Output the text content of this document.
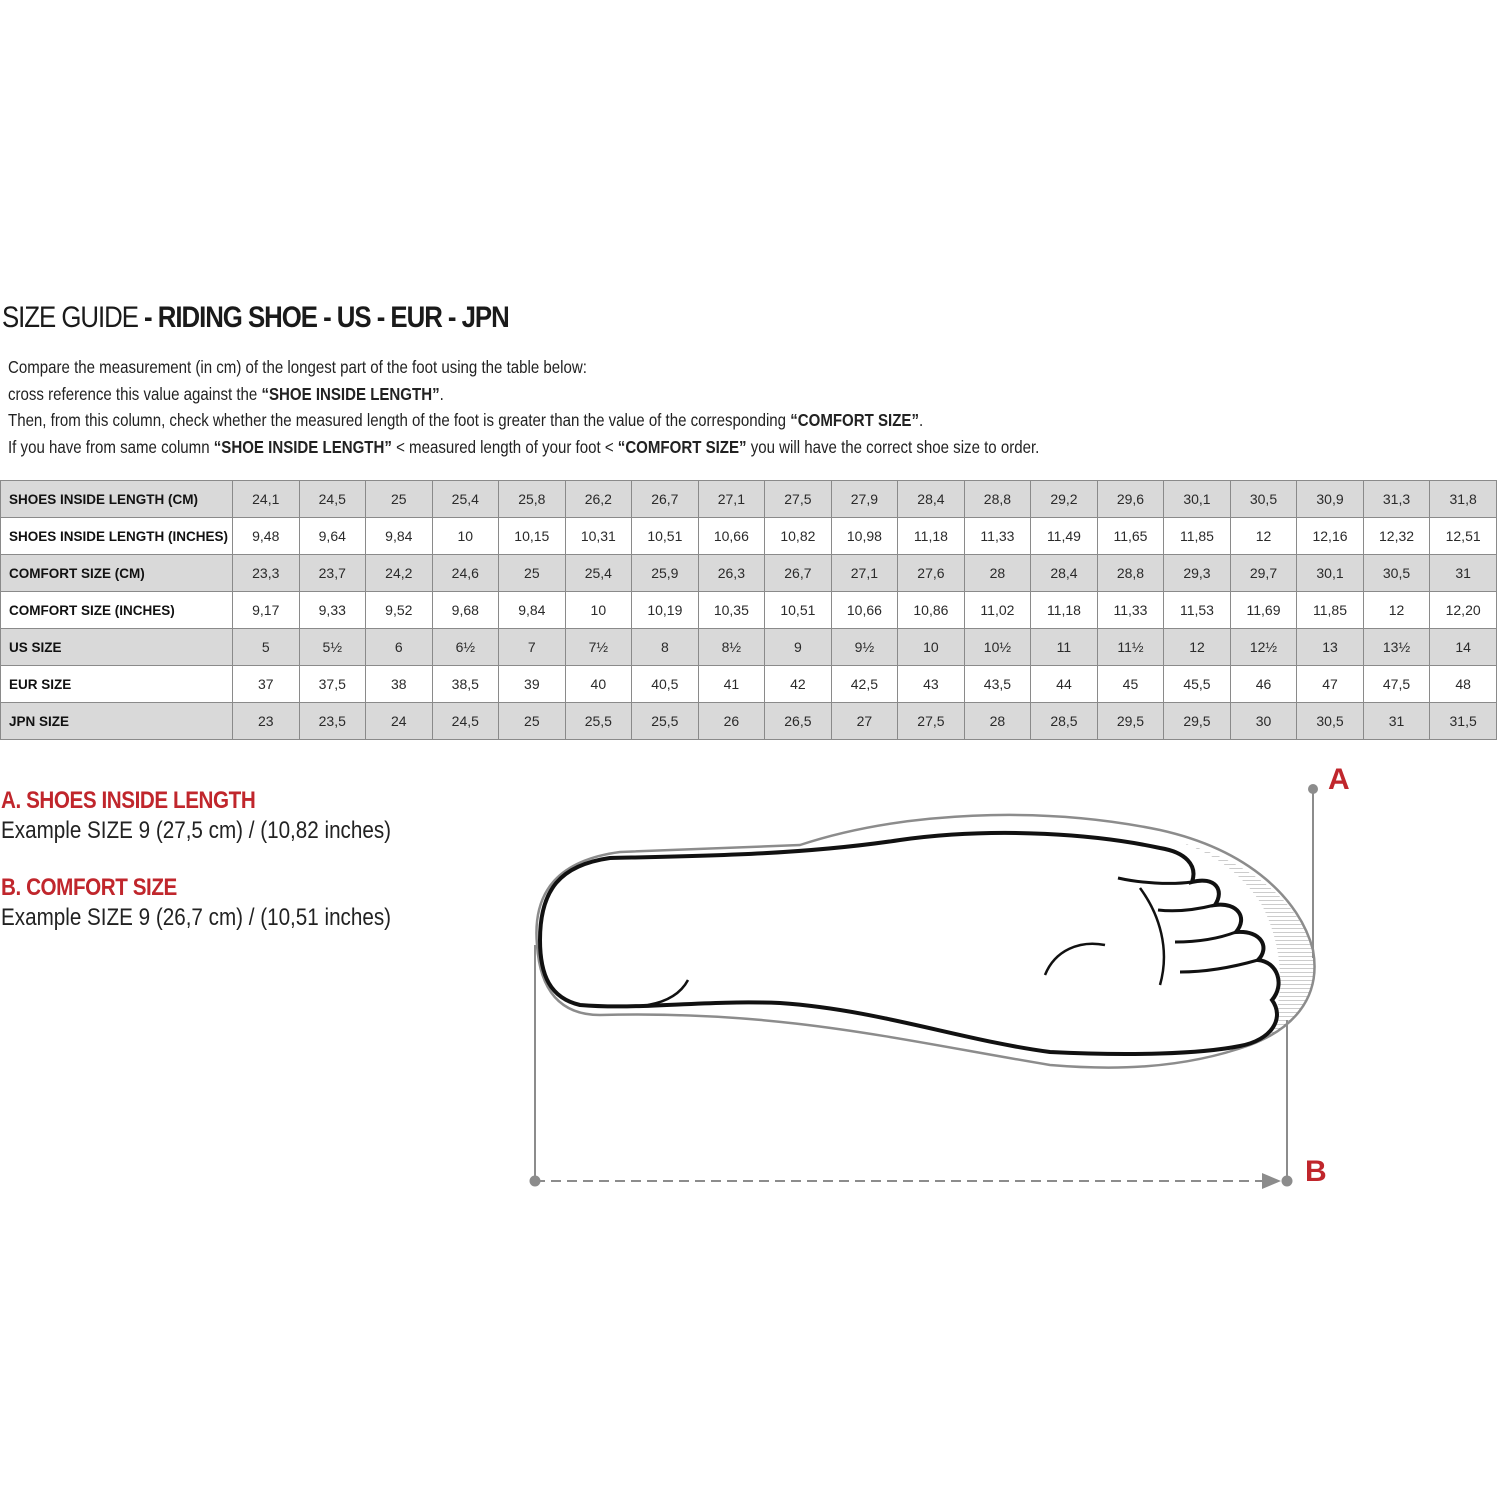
SIZE GUIDE - RIDING SHOE - US - EUR - JPN
Compare the measurement (in cm) of the longest part of the foot using the table below:
cross reference this value against the “SHOE INSIDE LENGTH”.
Then, from this column, check whether the measured length of the foot is greater than the value of the corresponding “COMFORT SIZE”.
If you have from same column “SHOE INSIDE LENGTH” < measured length of your foot < “COMFORT SIZE” you will have the correct shoe size to order.
SHOES INSIDE LENGTH (CM)	24,1	24,5	25	25,4	25,8	26,2	26,7	27,1	27,5	27,9	28,4	28,8	29,2	29,6	30,1	30,5	30,9	31,3	31,8
SHOES INSIDE LENGTH (INCHES)	9,48	9,64	9,84	10	10,15	10,31	10,51	10,66	10,82	10,98	11,18	11,33	11,49	11,65	11,85	12	12,16	12,32	12,51
COMFORT SIZE (CM)	23,3	23,7	24,2	24,6	25	25,4	25,9	26,3	26,7	27,1	27,6	28	28,4	28,8	29,3	29,7	30,1	30,5	31
COMFORT SIZE (INCHES)	9,17	9,33	9,52	9,68	9,84	10	10,19	10,35	10,51	10,66	10,86	11,02	11,18	11,33	11,53	11,69	11,85	12	12,20
US SIZE	5	5½	6	6½	7	7½	8	8½	9	9½	10	10½	11	11½	12	12½	13	13½	14
EUR SIZE	37	37,5	38	38,5	39	40	40,5	41	42	42,5	43	43,5	44	45	45,5	46	47	47,5	48
JPN SIZE	23	23,5	24	24,5	25	25,5	25,5	26	26,5	27	27,5	28	28,5	29,5	29,5	30	30,5	31	31,5
A. SHOES INSIDE LENGTH
Example SIZE 9 (27,5 cm) / (10,82 inches)
B. COMFORT SIZE
Example SIZE 9 (26,7 cm) / (10,51 inches)
A
B
